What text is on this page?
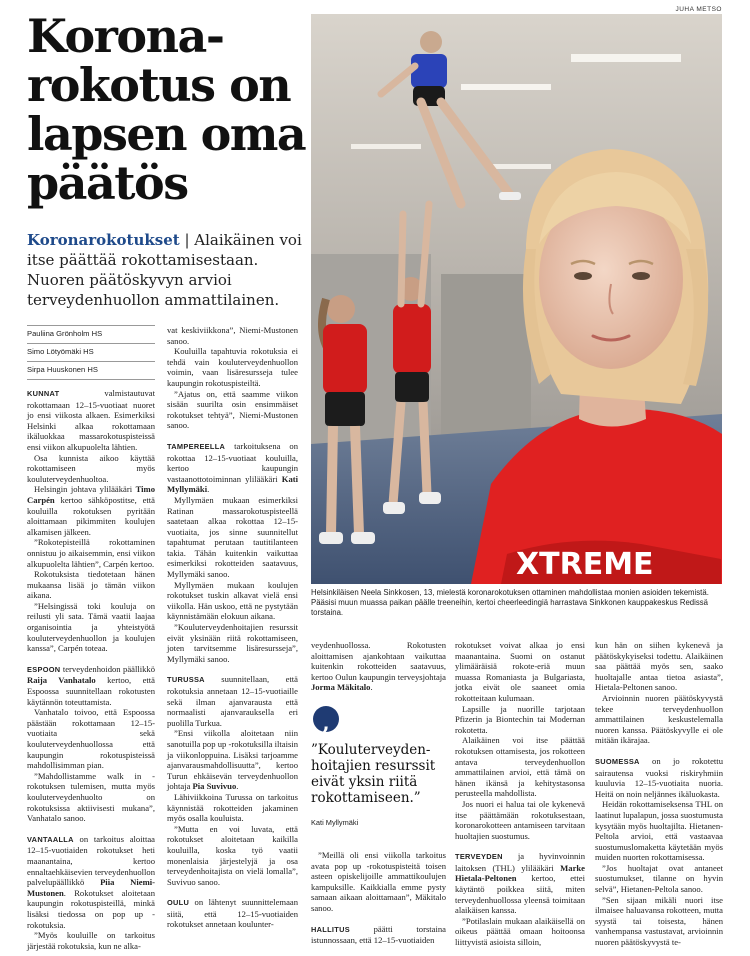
Korona-rokotus on lapsen oma päätös

Koronarokotukset | Alaikäinen voi itse päättää rokottamisestaan. Nuoren päätöskyvyn arvioi terveydenhuollon ammattilainen.

Pauliina Grönholm HS
Simo Lötyömäki HS
Sirpa Huuskonen HS

KUNNAT valmistautuvat rokottamaan 12–15-vuotiaat nuoret jo ensi viikosta alkaen. Esimerkiksi Helsinki alkaa rokottamaan ikäluokkaa massarokotuspisteissä ensi viikon alkupuolelta lähtien.

Osa kunnista aikoo käyttää rokottamiseen myös kouluterveydenhuoltoa.

Helsingin johtava ylilääkäri Timo Carpén kertoo sähköpostitse, että kouluilla rokotuksen pyritään aloittamaan pikimmiten koulujen alkamisen jälkeen.

”Rokotepisteillä rokottaminen onnistuu jo aikaisemmin, ensi viikon alkupuolelta lähtien”, Carpén kertoo.

Rokotuksista tiedotetaan hänen mukaansa lisää jo tämän viikon aikana.

”Helsingissä toki kouluja on reilusti yli sata. Tämä vaatii laajaa organisointia ja yhteistyötä kouluterveydenhuollon ja koulujen kanssa”, Carpén toteaa.

ESPOON terveydenhoidon päällikkö Raija Vanhatalo kertoo, että Espoossa suunnitellaan rokotusten käytännön toteuttamista.

Vanhatalo toivoo, että Espoossa päästään rokottamaan 12–15-vuotiaita sekä kouluterveydenhuollossa että kaupungin rokotuspisteissä mahdollisimman pian.

”Mahdollistamme walk in -rokotuksen tulemisen, mutta myös kouluterveydenhuolto on rokotuksissa aktiivisesti mukana”, Vanhatalo sanoo.

VANTAALLA on tarkoitus aloittaa 12–15-vuotiaiden rokotukset heti maanantaina, kertoo ennaltaehkäisevien terveydenhuollon palvelupäällikkö Piia Niemi-Mustonen. Rokotukset aloitetaan kaupungin rokotuspisteillä, minkä lisäksi tiedossa on pop up -rokotuksia.

”Myös kouluille on tarkoitus järjestää rokotuksia, kun ne alka-

vat keskiviikkona”, Niemi-Mustonen sanoo.

Kouluilla tapahtuvia rokotuksia ei tehdä vain kouluterveydenhuollon voimin, vaan lisäresursseja tulee kaupungin rokotuspisteiltä.

”Ajatus on, että saamme viikon sisään suurilta osin ensimmäiset rokotukset tehtyä”, Niemi-Mustonen sanoo.

TAMPEREELLA tarkoituksena on rokottaa 12–15-vuotiaat kouluilla, kertoo kaupungin vastaanottotoiminnan ylilääkäri Kati Myllymäki.

Myllymäen mukaan esimerkiksi Ratinan massarokotuspisteellä saatetaan alkaa rokottaa 12–15-vuotiaita, jos sinne suunnitellut tapahtumat perutaan tautitilanteen takia. Tähän kuitenkin vaikuttaa esimerkiksi rokotteiden saatavuus, Myllymäki sanoo.

Myllymäen mukaan koulujen rokotukset tuskin alkavat vielä ensi viikolla. Hän uskoo, että ne pystytään käynnistämään elokuun aikana.

”Kouluterveydenhoitajien resurssit eivät yksinään riitä rokottamiseen, joten tarvitsemme lisäresursseja”, Myllymäki sanoo.

TURUSSA suunnitellaan, että rokotuksia annetaan 12–15-vuotiaille sekä ilman ajanvarausta että normaalisti ajanvarauksella eri puolilla Turkua.

”Ensi viikolla aloitetaan niin sanotuilla pop up -rokotuksilla iltaisin ja viikonloppuina. Lisäksi tarjoamme ajanvarausmahdollisuutta”, kertoo Turun ehkäisevän terveydenhuollon johtaja Pia Suvivuo.

Lähiviikkoina Turussa on tarkoitus käynnistää rokotteiden jakaminen myös osalla kouluista.

”Mutta en voi luvata, että rokotukset aloitetaan kaikilla kouluilla, koska työ vaatii monenlaisia järjestelyjä ja osa terveydenhoitajista on vielä lomalla”, Suvivuo sanoo.

OULU on lähtenyt suunnittelemaan siitä, että 12–15-vuotiaiden rokotukset annetaan koulunter-

JUHA METSO
XTREME

Helsinkiläisen Neela Sinkkosen, 13, mielestä koronarokotuksen ottaminen mahdollistaa monien asioiden tekemistä. Pääsisi muun muassa paikan päälle treeneihin, kertoi cheerleedingiä harrastava Sinkkonen kauppakeskus Redissä torstaina.

veydenhuollossa. Rokotusten aloittamisen ajankohtaan vaikuttaa kuitenkin rokotteiden saatavuus, kertoo Oulun kaupungin terveysjohtaja Jorma Mäkitalo.

,

”Kouluterveyden-hoitajien resurssit eivät yksin riitä rokottamiseen.”

Kati Myllymäki

”Meillä oli ensi viikolla tarkoitus avata pop up -rokotuspisteitä toisen asteen opiskelijoille ammattikoulujen kampuksille. Kaikkialla emme pysty samaan aikaan aloittamaan”, Mäkitalo sanoo.

HALLITUS päätti torstaina istunnossaan, että 12–15-vuotiaiden

rokotukset voivat alkaa jo ensi maanantaina. Suomi on ostanut ylimääräisiä rokote-eriä muun muassa Romaniasta ja Bulgariasta, jotka eivät ole saaneet omia rokotteitaan kulumaan.

Lapsille ja nuorille tarjotaan Pfizerin ja Biontechin tai Modernan rokotetta.

Alaikäinen voi itse päättää rokotuksen ottamisesta, jos rokotteen antava terveydenhuollon ammattilainen arvioi, että tämä on hänen ikänsä ja kehitystasonsa perusteella mahdollista.

Jos nuori ei halua tai ole kykenevä itse päättämään rokotuksestaan, koronarokotteen antamiseen tarvitaan huoltajien suostumus.

TERVEYDEN ja hyvinvoinnin laitoksen (THL) ylilääkäri Marke Hietala-Peltonen kertoo, ettei käytäntö poikkea siitä, miten terveydenhuollossa yleensä toimitaan alaikäisen kanssa.

”Potilaslain mukaan alaikäisellä on oikeus päättää omaan hoitoonsa liittyvistä asioista silloin,

kun hän on siihen kykenevä ja päätöskykyiseksi todettu. Alaikäinen saa päättää myös sen, saako huoltajalle antaa tietoa asiasta”, Hietala-Peltonen sanoo.

Arvioinnin nuoren päätöskyvystä tekee terveydenhuollon ammattilainen keskustelemalla nuoren kanssa. Päätöskyvylle ei ole mitään ikärajaa.

SUOMESSA on jo rokotettu sairautensa vuoksi riskiryhmiin kuuluvia 12–15-vuotiaita nuoria. Heitä on noin neljännes ikäluokasta.

Heidän rokottamiseksensa THL on laatinut lupalapun, jossa suostumusta kysytään myös huoltajilta. Hietanen-Peltola arvioi, että vastaavaa suostumuslomaketta käytetään myös muiden nuorten rokottamisessa.

”Jos huoltajat ovat antaneet suostumukset, tilanne on hyvin selvä”, Hietanen-Peltola sanoo.

”Sen sijaan mikäli nuori itse ilmaisee haluavansa rokotteen, mutta syystä tai toisesta, hänen vanhempansa vastustavat, arvioinnin nuoren päätöskyvystä te-
